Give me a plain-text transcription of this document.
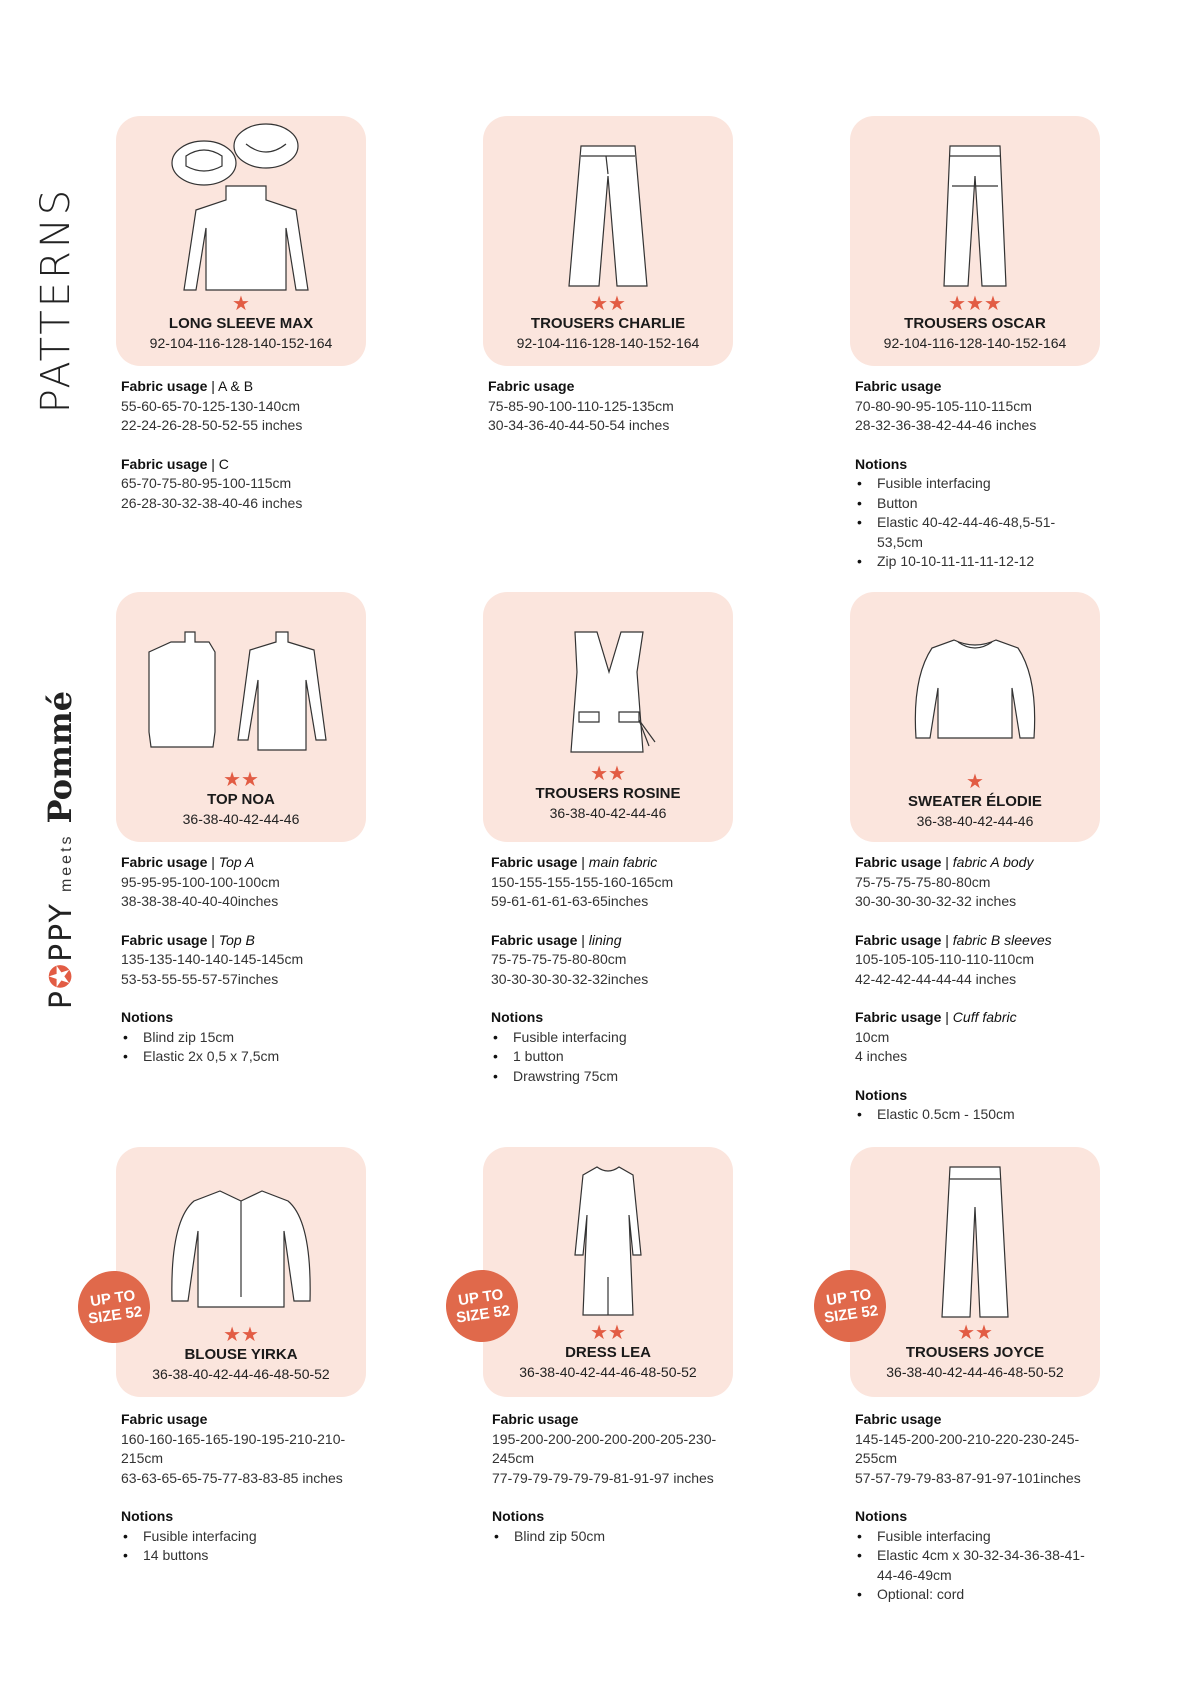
PATTERNS
P✪PPY
meets
Pommé
★
LONG SLEEVE MAX
92-104-116-128-140-152-164
★★
TROUSERS CHARLIE
92-104-116-128-140-152-164
★★★
TROUSERS OSCAR
92-104-116-128-140-152-164
Fabric usage | A & B
55-60-65-70-125-130-140cm
22-24-26-28-50-52-55 inches
Fabric usage | C
65-70-75-80-95-100-115cm
26-28-30-32-38-40-46 inches
Fabric usage
75-85-90-100-110-125-135cm
30-34-36-40-44-50-54 inches
Fabric usage
70-80-90-95-105-110-115cm
28-32-36-38-42-44-46 inches
Notions
• Fusible interfacing
• Button
• Elastic 40-42-44-46-48,5-51-53,5cm
• Zip 10-10-11-11-11-12-12
★★
TOP NOA
36-38-40-42-44-46
★★
TROUSERS ROSINE
36-38-40-42-44-46
★
SWEATER ÉLODIE
36-38-40-42-44-46
Fabric usage | Top A
95-95-95-100-100-100cm
38-38-38-40-40-40inches
Fabric usage | Top B
135-135-140-140-145-145cm
53-53-55-55-57-57inches
Notions
• Blind zip 15cm
• Elastic 2x 0,5 x 7,5cm
Fabric usage | main fabric
150-155-155-155-160-165cm
59-61-61-61-63-65inches
Fabric usage | lining
75-75-75-75-80-80cm
30-30-30-30-32-32inches
Notions
• Fusible interfacing
• 1 button
• Drawstring 75cm
Fabric usage | fabric A body
75-75-75-75-80-80cm
30-30-30-30-32-32 inches
Fabric usage | fabric B sleeves
105-105-105-110-110-110cm
42-42-42-44-44-44 inches
Fabric usage | Cuff fabric
10cm
4 inches
Notions
• Elastic 0.5cm - 150cm
★★
BLOUSE YIRKA
36-38-40-42-44-46-48-50-52
UP TO SIZE 52
★★
DRESS LEA
36-38-40-42-44-46-48-50-52
UP TO SIZE 52
★★
TROUSERS JOYCE
36-38-40-42-44-46-48-50-52
UP TO SIZE 52
Fabric usage
160-160-165-165-190-195-210-210-215cm
63-63-65-65-75-77-83-83-85 inches
Notions
• Fusible interfacing
• 14 buttons
Fabric usage
195-200-200-200-200-200-205-230-245cm
77-79-79-79-79-79-81-91-97 inches
Notions
• Blind zip 50cm
Fabric usage
145-145-200-200-210-220-230-245-255cm
57-57-79-79-83-87-91-97-101inches
Notions
• Fusible interfacing
• Elastic 4cm x 30-32-34-36-38-41-44-46-49cm
• Optional: cord
